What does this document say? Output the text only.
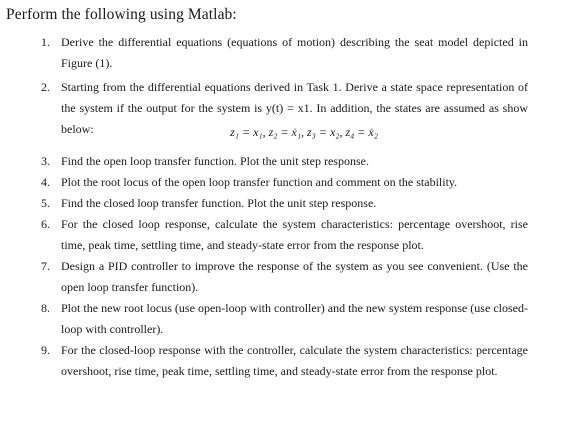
Perform the following using Matlab:
1. Derive the differential equations (equations of motion) describing the seat model depicted in Figure (1).
2. Starting from the differential equations derived in Task 1. Derive a state space representation of the system if the output for the system is y(t) = x1. In addition, the states are assumed as show below:	z₁ = x₁, z₂ = ẋ₁, z₃ = x₂, z₄ = ẋ₂
3. Find the open loop transfer function. Plot the unit step response.
4. Plot the root locus of the open loop transfer function and comment on the stability.
5. Find the closed loop transfer function. Plot the unit step response.
6. For the closed loop response, calculate the system characteristics: percentage overshoot, rise time, peak time, settling time, and steady-state error from the response plot.
7. Design a PID controller to improve the response of the system as you see convenient. (Use the open loop transfer function).
8. Plot the new root locus (use open-loop with controller) and the new system response (use closed-loop with controller).
9. For the closed-loop response with the controller, calculate the system characteristics: percentage overshoot, rise time, peak time, settling time, and steady-state error from the response plot.
